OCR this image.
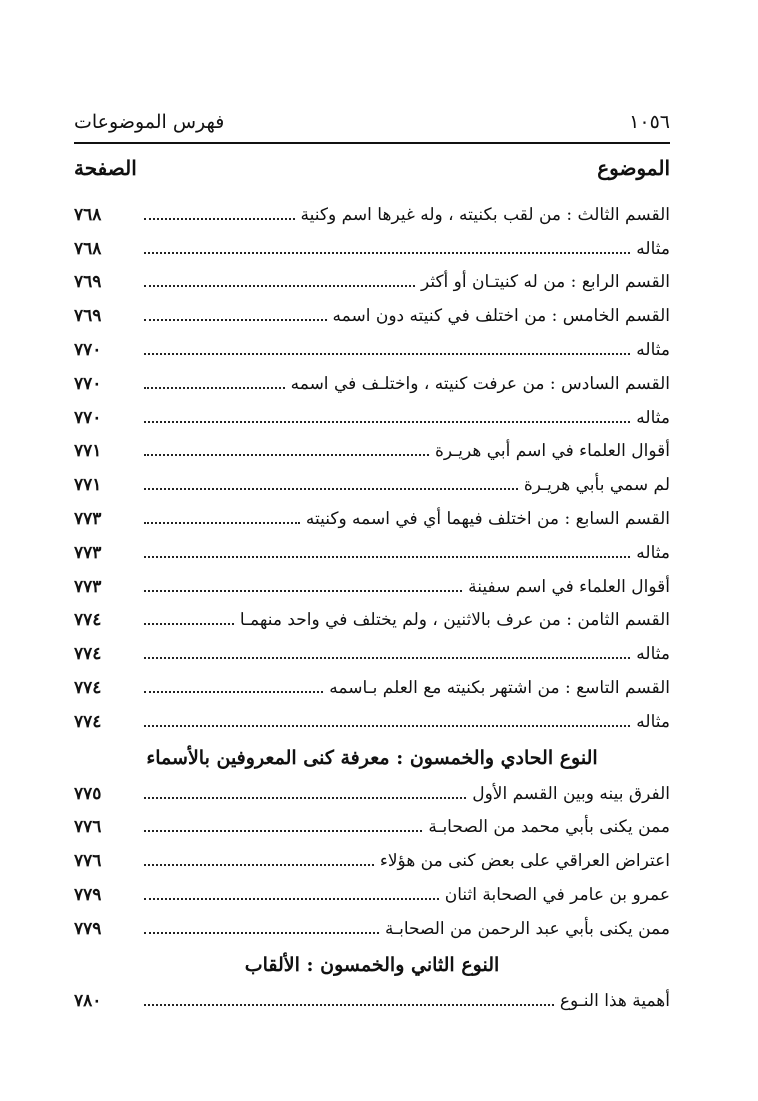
١٠٥٦
فهرس الموضوعات
الموضوع
الصفحة
القسم الثالث : من لقب بكنيته ، وله غيرها اسم وكنية
٧٦٨
مثاله
٧٦٨
القسم الرابع : من له كنيتـان أو أكثر
٧٦٩
القسم الخامس : من اختلف في كنيته دون اسمه
٧٦٩
مثاله
٧٧٠
القسم السادس : من عرفت كنيته ، واختلـف في اسمه
٧٧٠
مثاله
٧٧٠
أقوال العلماء في اسم أبي هريـرة
٧٧١
لم سمي بأبي هريـرة
٧٧١
القسم السابع : من اختلف فيهما أي في اسمه وكنيته
٧٧٣
مثاله
٧٧٣
أقوال العلماء في اسم سفينة
٧٧٣
القسم الثامن : من عرف بالاثنين ، ولم يختلف في واحد منهمـا
٧٧٤
مثاله
٧٧٤
القسم التاسع : من اشتهر بكنيته مع العلم بـاسمه
٧٧٤
مثاله
٧٧٤
النوع الحادي والخمسون : معرفة كنى المعروفين بالأسماء
الفرق بينه وبين القسم الأول
٧٧٥
ممن يكنى بأبي محمد من الصحابـة
٧٧٦
اعتراض العراقي على بعض كنى من هؤلاء
٧٧٦
عمرو بن عامر في الصحابة اثنان
٧٧٩
ممن يكنى بأبي عبد الرحمن من الصحابـة
٧٧٩
النوع الثاني والخمسون : الألقاب
أهمية هذا النـوع
٧٨٠
